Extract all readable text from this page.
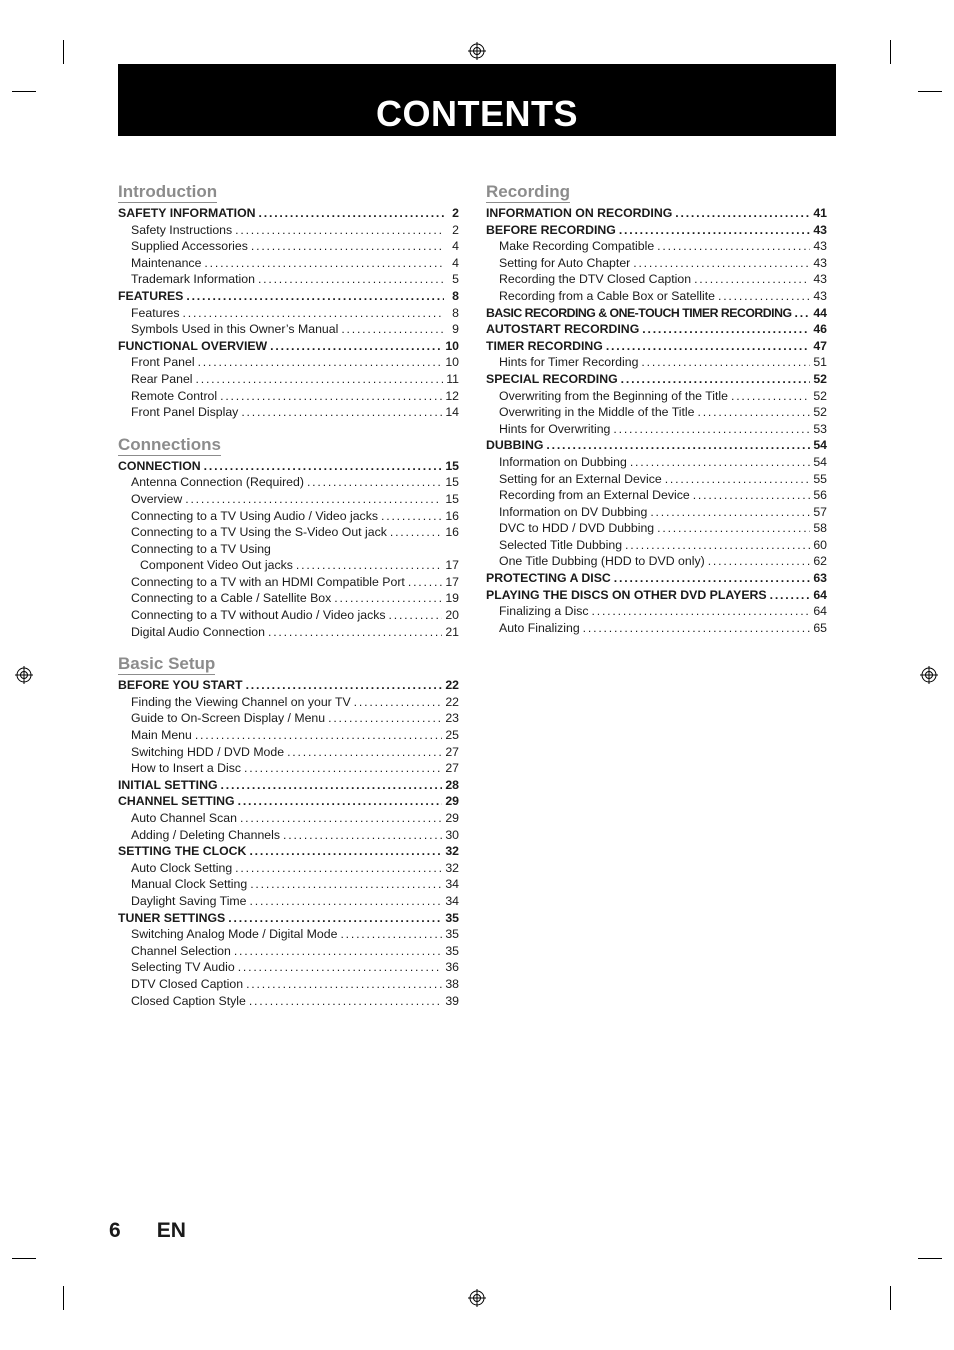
CONTENTS
Introduction
SAFETY INFORMATION .....	2
Safety Instructions .....	2
Supplied Accessories .....	4
Maintenance .....	4
Trademark Information .....	5
FEATURES .....	8
Features .....	8
Symbols Used in this Owner’s Manual .....	9
FUNCTIONAL OVERVIEW .....	10
Front Panel .....	10
Rear Panel .....	11
Remote Control .....	12
Front Panel Display .....	14
Connections
CONNECTION .....	15
Antenna Connection (Required) .....	15
Overview .....	15
Connecting to a TV Using Audio / Video jacks .....	16
Connecting to a TV Using the S-Video Out jack .....	16
Connecting to a TV Using
Component Video Out jacks .....	17
Connecting to a TV with an HDMI Compatible Port .....	17
Connecting to a Cable / Satellite Box .....	19
Connecting to a TV without Audio / Video jacks .....	20
Digital Audio Connection .....	21
Basic Setup
BEFORE YOU START .....	22
Finding the Viewing Channel on your TV .....	22
Guide to On-Screen Display / Menu .....	23
Main Menu .....	25
Switching HDD / DVD Mode .....	27
How to Insert a Disc .....	27
INITIAL SETTING .....	28
CHANNEL SETTING .....	29
Auto Channel Scan .....	29
Adding / Deleting Channels .....	30
SETTING THE CLOCK .....	32
Auto Clock Setting .....	32
Manual Clock Setting .....	34
Daylight Saving Time .....	34
TUNER SETTINGS .....	35
Switching Analog Mode / Digital Mode .....	35
Channel Selection .....	35
Selecting TV Audio .....	36
DTV Closed Caption .....	38
Closed Caption Style .....	39
Recording
INFORMATION ON RECORDING .....	41
BEFORE RECORDING .....	43
Make Recording Compatible .....	43
Setting for Auto Chapter .....	43
Recording the DTV Closed Caption .....	43
Recording from a Cable Box or Satellite .....	43
BASIC RECORDING & ONE-TOUCH TIMER RECORDING ..... 44
AUTOSTART RECORDING .....	46
TIMER RECORDING .....	47
Hints for Timer Recording .....	51
SPECIAL RECORDING .....	52
Overwriting from the Beginning of the Title .....	52
Overwriting in the Middle of the Title .....	52
Hints for Overwriting .....	53
DUBBING .....	54
Information on Dubbing .....	54
Setting for an External Device .....	55
Recording from an External Device .....	56
Information on DV Dubbing .....	57
DVC to HDD / DVD Dubbing .....	58
Selected Title Dubbing .....	60
One Title Dubbing (HDD to DVD only) .....	62
PROTECTING A DISC .....	63
PLAYING THE DISCS ON OTHER DVD PLAYERS .....	64
Finalizing a Disc .....	64
Auto Finalizing .....	65
6 EN
